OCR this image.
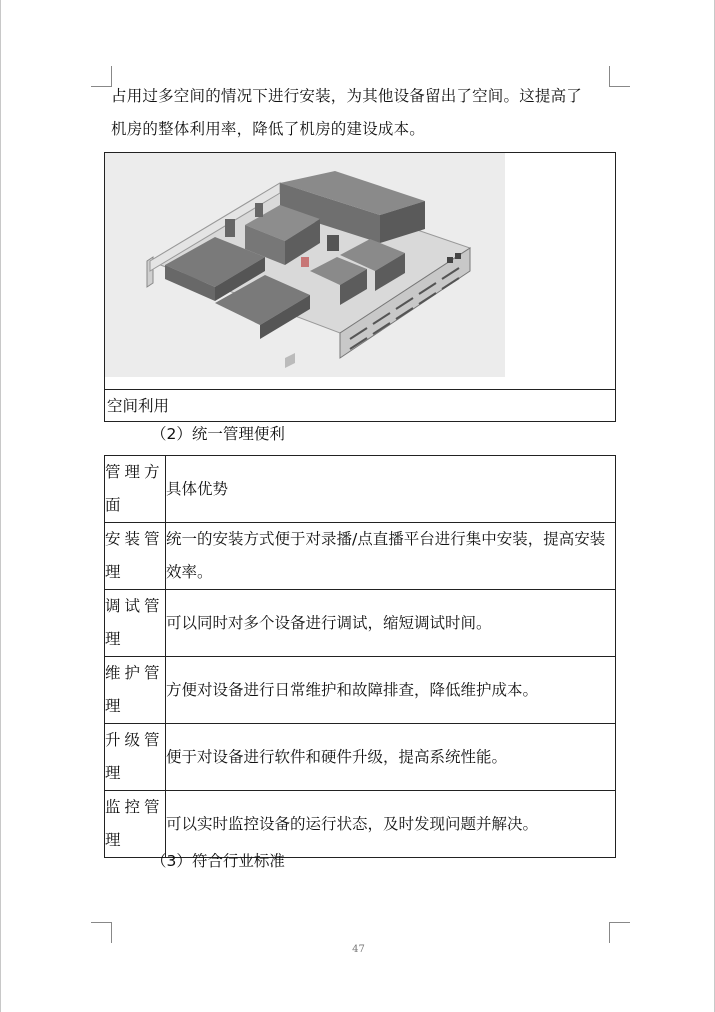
占用过多空间的情况下进行安装，为其他设备留出了空间。这提高了
机房的整体利用率，降低了机房的建设成本。
空间利用
（2）统一管理便利
管理方面	具体优势
安装管理	统一的安装方式便于对录播/点直播平台进行集中安装，提高安装效率。
调试管理	可以同时对多个设备进行调试，缩短调试时间。
维护管理	方便对设备进行日常维护和故障排查，降低维护成本。
升级管理	便于对设备进行软件和硬件升级，提高系统性能。
监控管理	可以实时监控设备的运行状态，及时发现问题并解决。
（3）符合行业标准
47
